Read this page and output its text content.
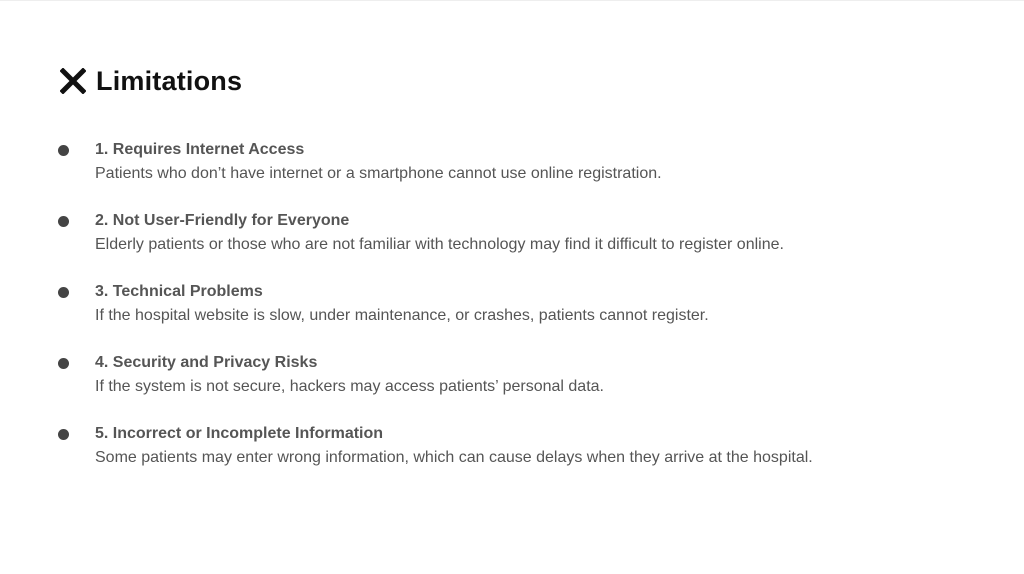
Limitations
1. Requires Internet Access
Patients who don’t have internet or a smartphone cannot use online registration.
2. Not User-Friendly for Everyone
Elderly patients or those who are not familiar with technology may find it difficult to register online.
3. Technical Problems
If the hospital website is slow, under maintenance, or crashes, patients cannot register.
4. Security and Privacy Risks
If the system is not secure, hackers may access patients’ personal data.
5. Incorrect or Incomplete Information
Some patients may enter wrong information, which can cause delays when they arrive at the hospital.
